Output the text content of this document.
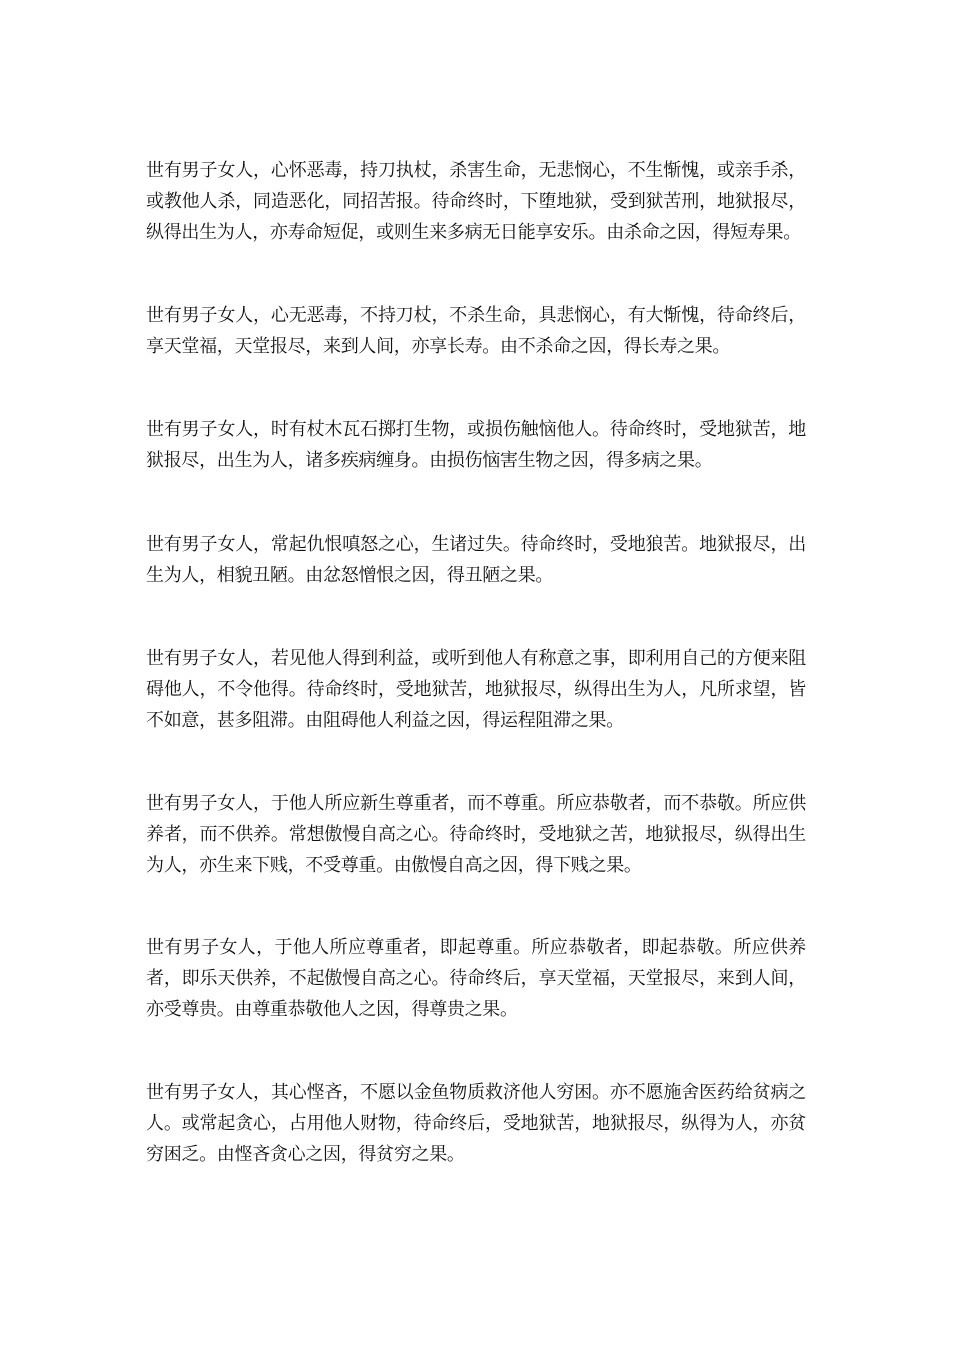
世有男子女人，心怀恶毒，持刀执杖，杀害生命，无悲悯心，不生惭愧，或亲手杀，或教他人杀，同造恶化，同招苦报。待命终时，下堕地狱，受到狱苦刑，地狱报尽，纵得出生为人，亦寿命短促，或则生来多病无日能享安乐。由杀命之因，得短寿果。

世有男子女人，心无恶毒，不持刀杖，不杀生命，具悲悯心，有大惭愧，待命终后，享天堂福，天堂报尽，来到人间，亦享长寿。由不杀命之因，得长寿之果。

世有男子女人，时有杖木瓦石掷打生物，或损伤触恼他人。待命终时，受地狱苦，地狱报尽，出生为人，诸多疾病缠身。由损伤恼害生物之因，得多病之果。

世有男子女人，常起仇恨嗔怒之心，生诸过失。待命终时，受地狼苦。地狱报尽，出生为人，相貌丑陋。由忿怒憎恨之因，得丑陋之果。

世有男子女人，若见他人得到利益，或听到他人有称意之事，即利用自己的方便来阻碍他人，不令他得。待命终时，受地狱苦，地狱报尽，纵得出生为人，凡所求望，皆不如意，甚多阻滞。由阻碍他人利益之因，得运程阻滞之果。

世有男子女人，于他人所应新生尊重者，而不尊重。所应恭敬者，而不恭敬。所应供养者，而不供养。常想傲慢自高之心。待命终时，受地狱之苦，地狱报尽，纵得出生为人，亦生来下贱，不受尊重。由傲慢自高之因，得下贱之果。

世有男子女人，于他人所应尊重者，即起尊重。所应恭敬者，即起恭敬。所应供养者，即乐天供养，不起傲慢自高之心。待命终后，享天堂福，天堂报尽，来到人间，亦受尊贵。由尊重恭敬他人之因，得尊贵之果。

世有男子女人，其心悭吝，不愿以金鱼物质救济他人穷困。亦不愿施舍医药给贫病之人。或常起贪心，占用他人财物，待命终后，受地狱苦，地狱报尽，纵得为人，亦贫穷困乏。由悭吝贪心之因，得贫穷之果。
